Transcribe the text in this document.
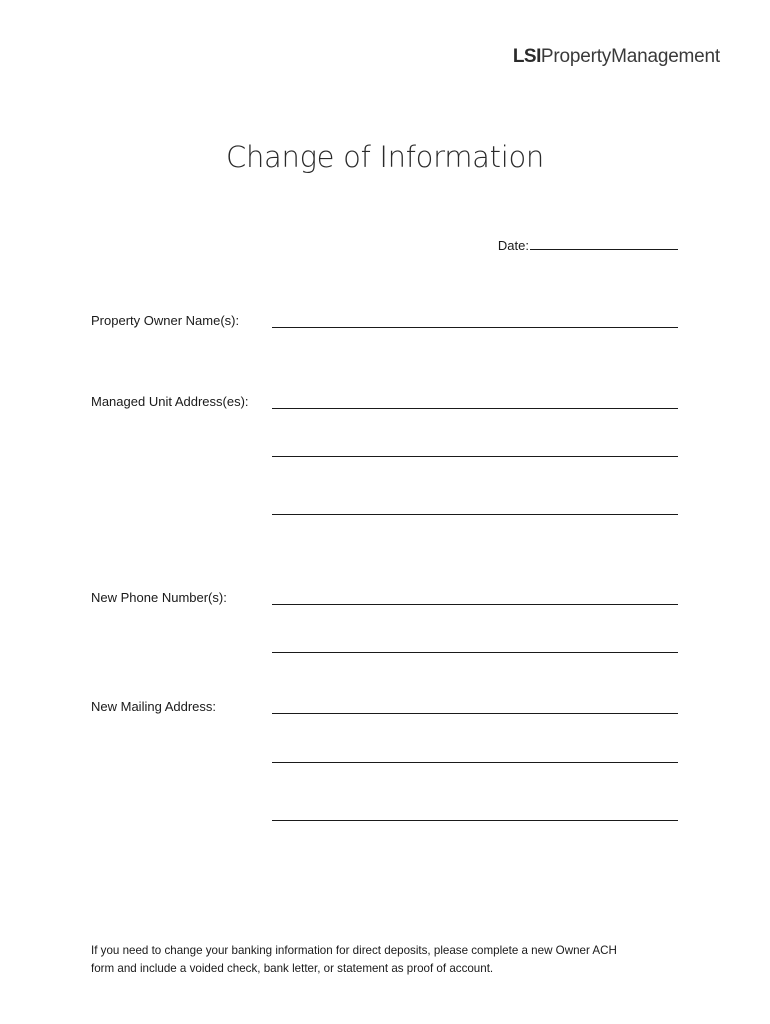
LSIPropertyManagement
Change of Information
Date:
Property Owner Name(s):
Managed Unit Address(es):
New Phone Number(s):
New Mailing Address:
If you need to change your banking information for direct deposits, please complete a new Owner ACH
form and include a voided check, bank letter, or statement as proof of account.
